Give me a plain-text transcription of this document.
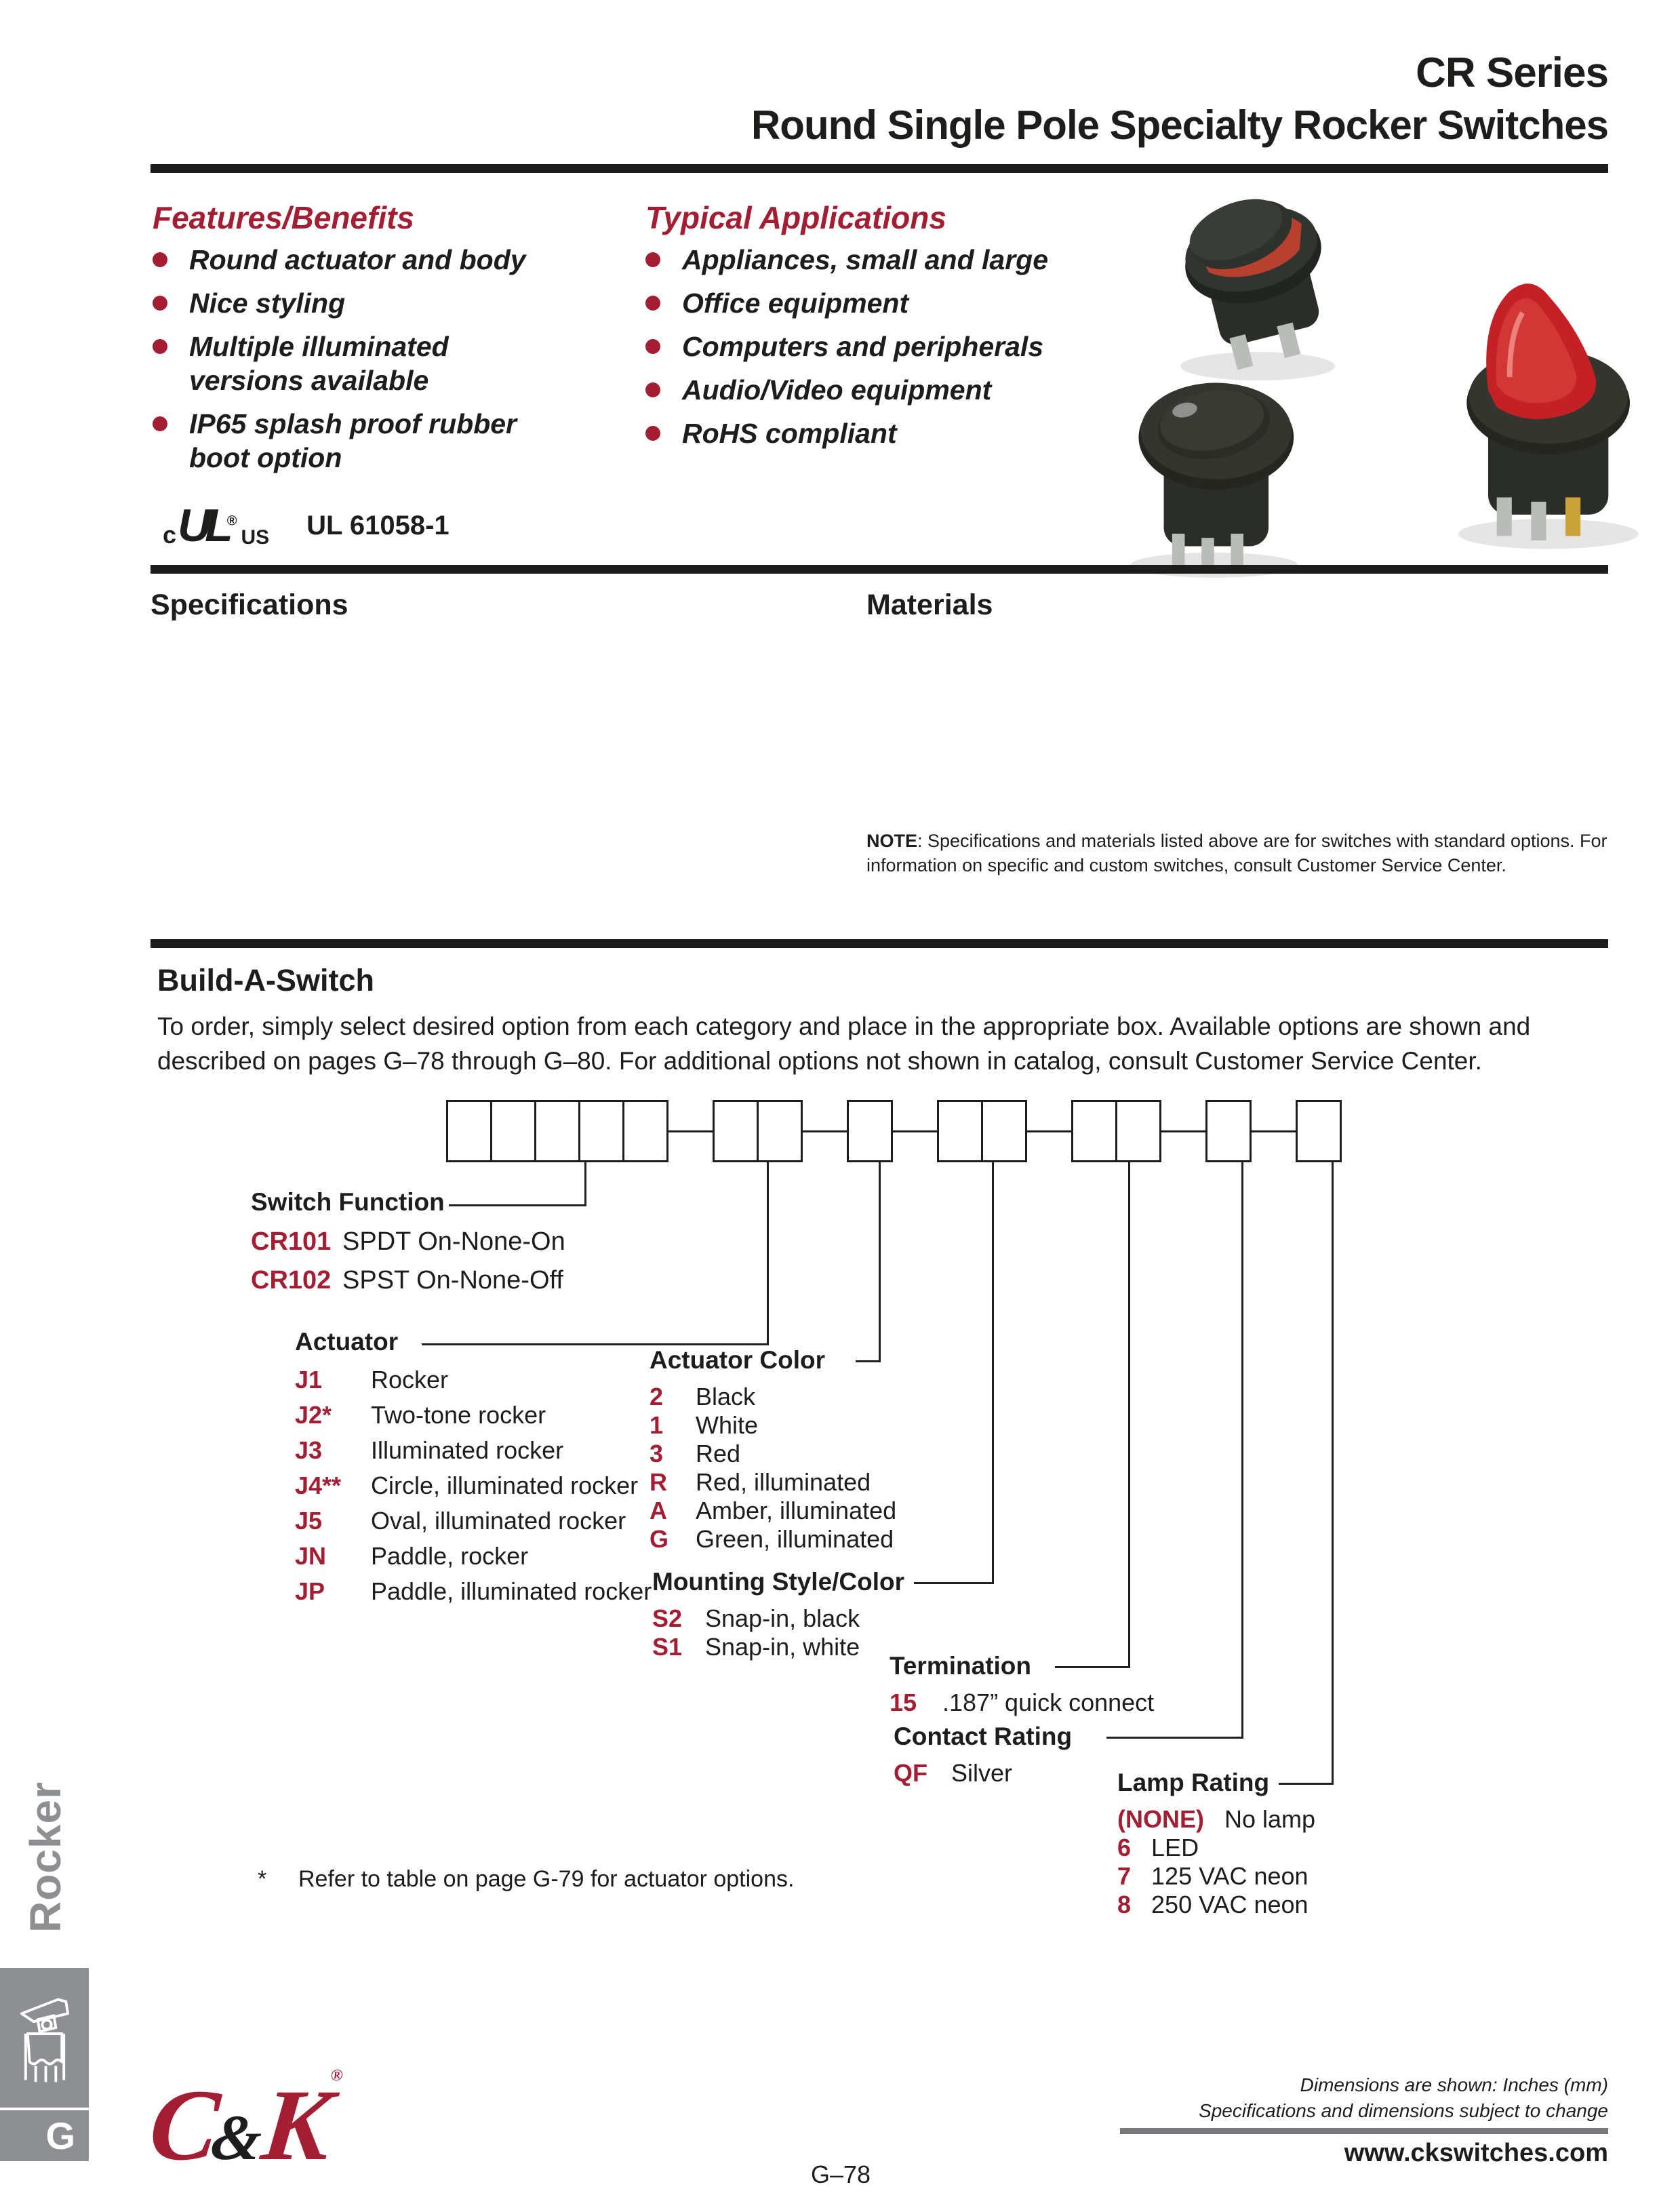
CR Series
Round Single Pole Specialty Rocker Switches
Features/Benefits
Round actuator and body
Nice styling
Multiple illuminated versions available
IP65 splash proof rubber boot option
Typical Applications
Appliances, small and large
Office equipment
Computers and peripherals
Audio/Video equipment
RoHS compliant
c UL®
US UL 61058-1
Specifications	Materials
NOTE: Specifications and materials listed above are for switches with standard options. For information on specific and custom switches, consult Customer Service Center.
Build-A-Switch
To order, simply select desired option from each category and place in the appropriate box. Available options are shown and described on pages G–78 through G–80. For additional options not shown in catalog, consult Customer Service Center.
Switch Function
CR101 SPDT On-None-On
CR102 SPST On-None-Off
Actuator
J1	Rocker
J2*	Two-tone rocker
J3	Illuminated rocker
J4**	Circle, illuminated rocker
J5	Oval, illuminated rocker
JN	Paddle, rocker
JP	Paddle, illuminated rocker
Actuator Color
2	Black
1	White
3	Red
R	Red, illuminated
A	Amber, illuminated
G	Green, illuminated
Mounting Style/Color
S2 Snap-in, black
S1 Snap-in, white
Termination
15	.187” quick connect
Contact Rating
QF Silver	Lamp Rating
(NONE) No lamp
6 LED
7 125 VAC neon
8 250 VAC neon
* Refer to table on page G-79 for actuator options.
Rocker
G C&K®
G–78
Dimensions are shown: Inches (mm)
Specifications and dimensions subject to change
www.ckswitches.com
